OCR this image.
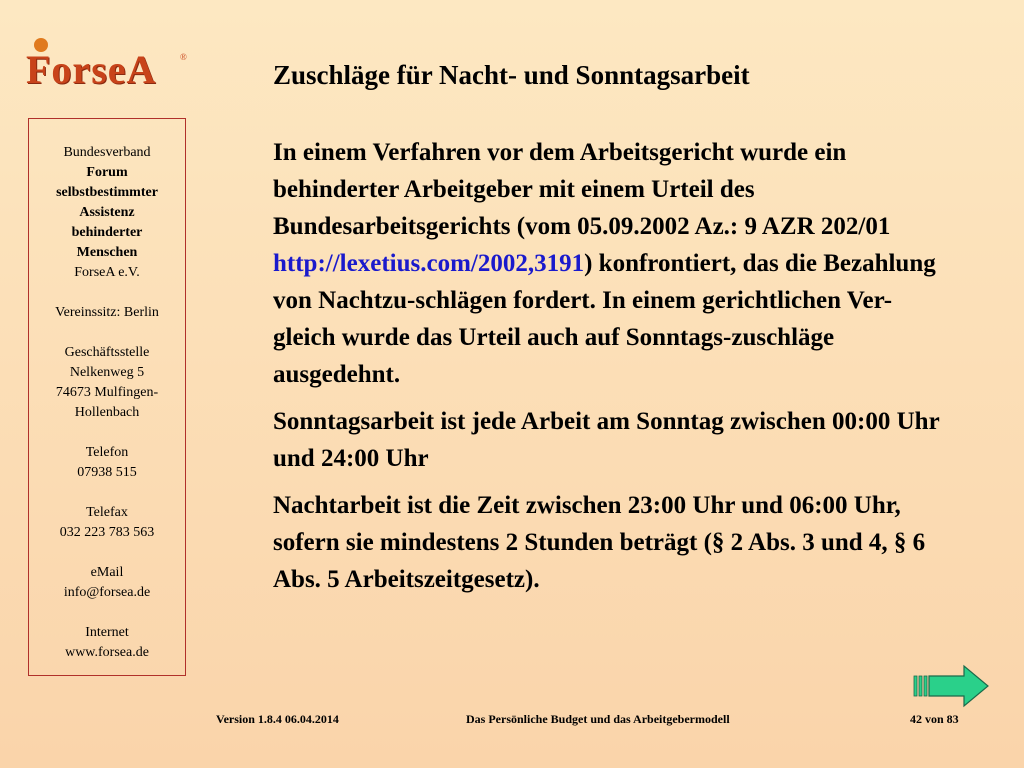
ForseA	®
Bundesverband
Forum
selbstbestimmter
Assistenz
behinderter
Menschen
ForseA e.V.
Vereinssitz: Berlin
Geschäftsstelle
Nelkenweg 5
74673 Mulfingen-
Hollenbach
Telefon
07938 515
Telefax
032 223 783 563
eMail
info@forsea.de
Internet
www.forsea.de
Zuschläge für Nacht- und Sonntagsarbeit

In einem Verfahren vor dem Arbeitsgericht wurde ein behinderter Arbeitgeber mit einem Urteil des Bundesarbeitsgerichts (vom 05.09.2002 Az.: 9 AZR 202/01 http://lexetius.com/2002,3191) konfrontiert, das die Bezahlung von Nachtzu-schlägen fordert. In einem gerichtlichen Ver-gleich wurde das Urteil auch auf Sonntags-zuschläge ausgedehnt.

Sonntagsarbeit ist jede Arbeit am Sonntag zwischen 00:00 Uhr und 24:00 Uhr

Nachtarbeit ist die Zeit zwischen 23:00 Uhr und 06:00 Uhr, sofern sie mindestens 2 Stunden beträgt (§ 2 Abs. 3 und 4, § 6 Abs. 5 Arbeitszeitgesetz).

Version 1.8.4 06.04.2014	Das Persönliche Budget und das Arbeitgebermodell	42 von 83
